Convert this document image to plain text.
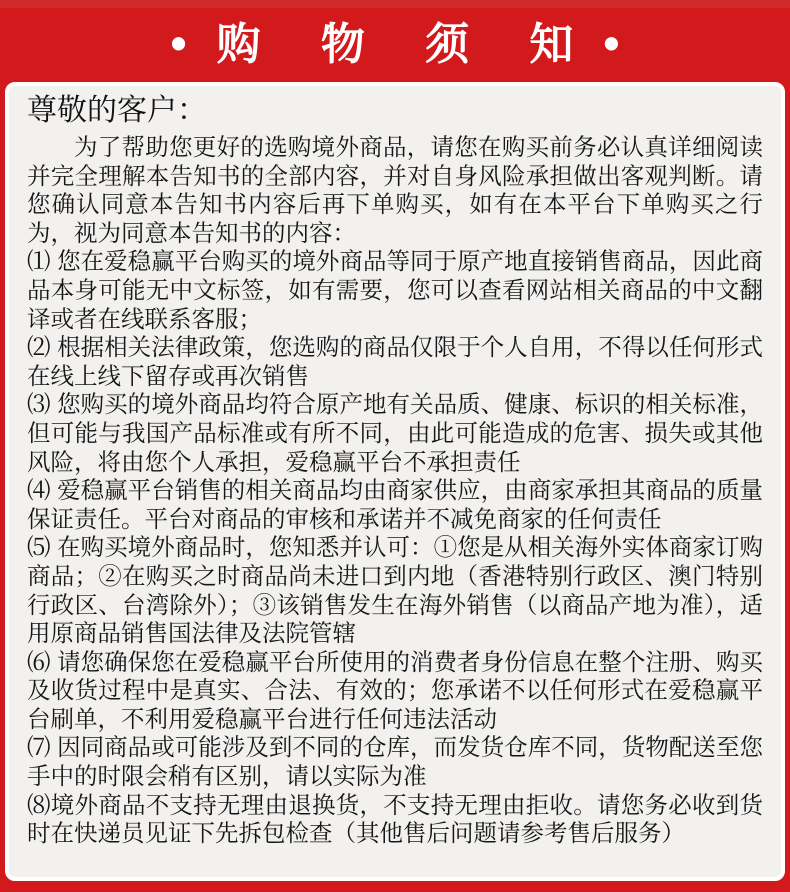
• 购 物 须 知 •
尊敬的客户：

为了帮助您更好的选购境外商品，请您在购买前务必认真详细阅读并完全理解本告知书的全部内容，并对自身风险承担做出客观判断。请您确认同意本告知书内容后再下单购买，如有在本平台下单购买之行为，视为同意本告知书的内容：

⑴ 您在爱稳赢平台购买的境外商品等同于原产地直接销售商品，因此商品本身可能无中文标签，如有需要，您可以查看网站相关商品的中文翻译或者在线联系客服；

⑵ 根据相关法律政策，您选购的商品仅限于个人自用，不得以任何形式在线上线下留存或再次销售

⑶ 您购买的境外商品均符合原产地有关品质、健康、标识的相关标准，但可能与我国产品标准或有所不同，由此可能造成的危害、损失或其他风险，将由您个人承担，爱稳赢平台不承担责任

⑷ 爱稳赢平台销售的相关商品均由商家供应，由商家承担其商品的质量保证责任。平台对商品的审核和承诺并不减免商家的任何责任

⑸ 在购买境外商品时，您知悉并认可：①您是从相关海外实体商家订购商品；②在购买之时商品尚未进口到内地（香港特别行政区、澳门特别行政区、台湾除外）；③该销售发生在海外销售（以商品产地为准），适用原商品销售国法律及法院管辖

⑹ 请您确保您在爱稳赢平台所使用的消费者身份信息在整个注册、购买及收货过程中是真实、合法、有效的；您承诺不以任何形式在爱稳赢平台刷单，不利用爱稳赢平台进行任何违法活动

⑺ 因同商品或可能涉及到不同的仓库，而发货仓库不同，货物配送至您手中的时限会稍有区别，请以实际为准

⑻境外商品不支持无理由退换货，不支持无理由拒收。请您务必收到货时在快递员见证下先拆包检查（其他售后问题请参考售后服务）
